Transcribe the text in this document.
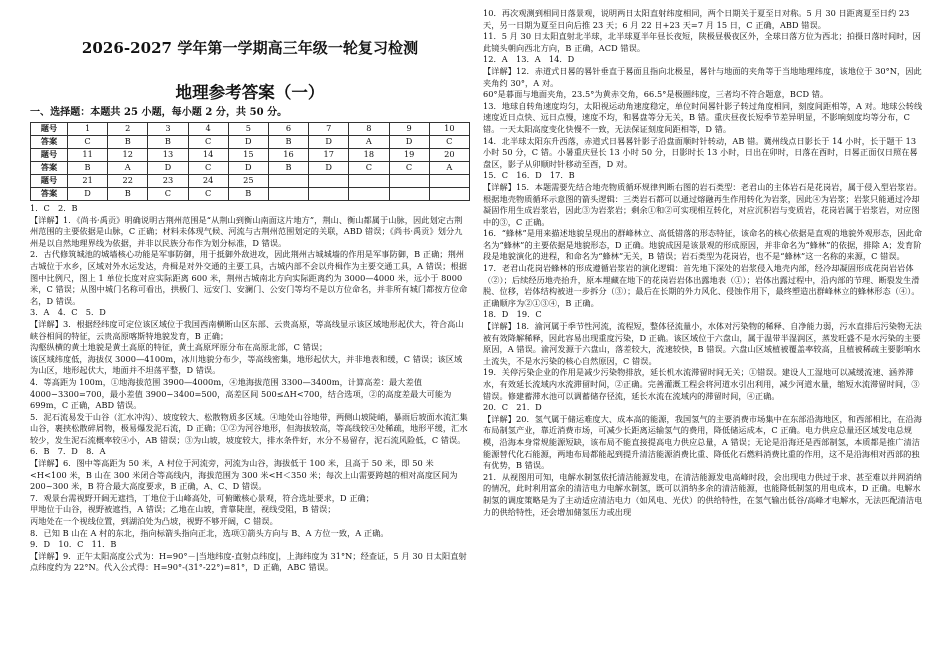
2026-2027 学年第一学期高三年级一轮复习检测
地理参考答案（一）
一、选择题：本题共 25 小题，每小题 2 分，共 50 分。
题号	1	2	3	4	5	6	7	8	9	10
答案	C	B	B	C	D	B	D	A	D	C
题号	11	12	13	14	15	16	17	18	19	20
答案	B	A	D	C	D	B	D	C	C	A
题号	21	22	23	24	25					
答案	D	B	C	C	B					

1．C　2．B

【详解】1．《尚书·禹贡》明确说明古荆州范围是“从荆山到衡山南面这片地方”，荆山、衡山都属于山脉，因此划定古荆州范围的主要依据是山脉，C 正确；材料未体现气候、河流与古荆州范围划定的关联，ABD 错误；《尚书·禹贡》划分九州是以自然地理界线为依据，并非以民族分布作为划分标准，D 错误。

2．古代修筑城池的城墙核心功能是军事防御，用于抵御外敌进攻，因此荆州古城城墙的作用是军事防御，B 正确；荆州古城位于水乡，区域对外水运发达，舟楫是对外交通的主要工具，古城内部不会以舟楫作为主要交通工具，A 错误；根据图中比例尺，图上 1 单位长度对应实际距离 600 米，荆州古城南北方向实际距离约为 3000—4000 米，远小于 8000 米，C 错误；从图中城门名称可看出，拱极门、远安门、安澜门、公安门等均不是以方位命名，并非所有城门都按方位命名，D 错误。

3．A　4．C　5．D

【详解】3．根据经纬度可定位该区域位于我国西南横断山区东部、云贵高原，等高线显示该区域地形起伏大，符合高山峡谷相间的特征，云贵高原喀斯特地貌发育，B 正确；

沟壑纵横的黄土地貌是黄土高原的特征，黄土高原坪原分布在高原北部，C 错误；

该区域纬度低，海拔仅 3000—4100m，冰川地貌分布少，等高线密集，地形起伏大，并非地表和缓，C 错误；该区域为山区，地形起伏大，地面并不坦荡平整，D 错误。

4．等高距为 100m，①地海拔范围 3900—4000m，④地海拔范围 3300—3400m，计算高差：最大差值 4000−3300=700，最小差值 3900−3400=500，高差区间 500≤ΔH<700，结合选项，②的高度差最大可能为 699m，C 正确，ABD 错误。

5．泥石流易发于山谷（汇水冲沟）、坡度较大、松散物质多区域。④地处山谷地带，两侧山坡陡峭，暴雨后坡面水流汇集山谷，裹挟松散碎屑物，极易爆发泥石流，D 正确；①②为河谷地形，但海拔较高，等高线较④处稀疏，地形平缓，汇水较少，发生泥石流概率较④小，AB 错误；③为山坡，坡度较大，排水条件好，水分不易留存，泥石流风险低，C 错误。

6．B　7．D　8．A

【详解】6．图中等高距为 50 米，A 村位于河流旁，河流为山谷，海拔低于 100 米，且高于 50 米，即 50 米<H<100 米，B 山在 300 米闭合等高线内，海拔范围为 300 米<H＜350 米；每次上山需要跨越的相对高度区间为 200~300 米，B 符合最大高度要求，B 正确，A、C、D 错误。

7．观景台需视野开阔无遮挡，丁地位于山峰高处，可俯瞰核心景观，符合选址要求，D 正确；

甲地位于山谷，视野被遮挡，A 错误；乙地在山坡，背靠陡崖，视线受阻，B 错误；

丙地处在一个视线位置，到湖泊处为凸坡，视野不够开阔，C 错误。

8．已知 B 山在 A 村的东北，指向标箭头指向正北，选项①箭头方向与 B、A 方位一致，A 正确。

9．D　10．C　11．B

【详解】9．正午太阳高度公式为：H=90°－|当地纬度-直射点纬度|，上海纬度为 31°N；经查证，5 月 30 日太阳直射点纬度约为 22°N。代入公式得：H=90°-(31°-22°)=81°，D 正确，ABC 错误。

10．再次观测到相同日落景观，说明两日太阳直射纬度相同，两个日期关于夏至日对称。5 月 30 日距离夏至日约 23 天，另一日期为夏至日向后推 23 天；6 月 22 日+23 天=7 月 15 日，C 正确，ABD 错误。

11．5 月 30 日太阳直射北半球，北半球夏半年昼长夜短，陕极昼极夜区外，全球日落方位为西北；拍摄日落时间时，因此镜头朝向西北方向，B 正确，ACD 错误。

12．A　13．A　14．D

【详解】12．赤道式日晷的晷针垂直于晷面且指向北极星，晷针与地面的夹角等于当地地理纬度，该地位于 30°N，因此夹角约 30°，A 对。

60°是暮面与地面夹角，23.5°为黄赤交角，66.5°是极圈纬度，三者均不符合题意，BCD 错。

13．地球自转角速度均匀，太阳视运动角速度稳定，单位时间晷针影子转过角度相同，刻度间距相等，A 对。地球公转线速度近日点快、远日点慢，速度不均，和晷盘等分无关，B 错。重庆昼夜长短季节差异明显，不影响刻度均等分布，C 错。一天太阳高度变化快慢不一致，无法保证刻度间距相等，D 错。

14．北半球太阳东升西落，赤道式日晷晷针影子沿盘面顺时针转动，AB 错。冀州线点日影长于 14 小时，长于题干 13 小时 50 分，C 错。小暑重庆昼长 13 小时 50 分，日影时长 13 小时，日出在卯时，日落在酉时，日晷正面仅日照在晷盘区，影子从卯顺时针移动至酉，D 对。

15．C　16．D　17．B

【详解】15．本题需要先结合地壳物质循环规律判断右图的岩石类型：老君山的主体岩石是花岗岩，属于侵入型岩浆岩。根据地壳物质循环示意图的箭头逻辑：三类岩石都可以通过熔融再生作用转化为岩浆，因此④为岩浆；岩浆只能通过冷却凝固作用生成岩浆岩，因此③为岩浆岩；剩余①和②可实现相互转化，对应沉积岩与变质岩，花岗岩属于岩浆岩，对应图中的③，C 正确。

16．“蜂林”是用来描述地貌呈现出的群峰林立、高低错落的形态特征，该命名的核心依据是直观的地貌外观形态，因此命名为“蜂林”的主要依据是地貌形态，D 正确。地貌成因是该景观的形成原因，并非命名为“蜂林”的依据，排除 A；发育阶段是地貌演化的进程，和命名为“蜂林”无关，B 错误；岩石类型为花岗岩，也不是“蜂林”这一名称的来源，C 错误。

17．老君山花岗岩蜂林的形成遵循岩浆岩的演化逻辑：首先地下深处的岩浆侵入地壳内部，经冷却凝固形成花岗岩岩体（②）；后续经历地壳抬升，原本埋藏在地下的花岗岩岩体出露地表（①）；岩体出露过程中，沿内部的节理、断裂发生滑脱、位移，岩体结构被进一步拆分（③）；最后在长期的外力风化、侵蚀作用下，最终塑造出群峰林立的蜂林形态（④）。正确顺序为②①③④，B 正确。

18．D　19．C

【详解】18．渝河属于季节性河流，流程短，整体径流量小，水体对污染物的稀释、自净能力弱，污水直排后污染物无法被有效降解稀释，因此容易出现重度污染，D 正确。该区域位于六盘山，属于温带半湿润区，蒸发旺盛不是水污染的主要原因，A 错误。渝河发源于六盘山，落差较大，流速较快，B 错误。六盘山区域植被覆盖率较高，且植被稀疏主要影响水土流失，不是水污染的核心自然原因，C 错误。

19．关停污染企业的作用是减少污染物排放，延长机水流滞留时间无关；①错误。建设人工湿地可以减缓流速、涵养滞水，有效延长流域内水流滞留时间，②正确。完善灌溉工程会将河道水引出利用，减少河道水量，缩短水流滞留时间，③错误。修建蓄滞水池可以调蓄储存径流，延长水流在流域内的滞留时间，④正确。

20．C　21．D

【详解】20．氢气属于储运难度大、成本高的能源，我国氢气的主要消费市场集中在东部沿海地区，和西部相比，在沿海布局制氢产业，靠近消费市场，可减少长距离运输氢气的费用，降低储运成本，C 正确。电力供应总量还区域发电总规模，沿海本身常规能源短缺，该布局不能直接提高电力供应总量，A 错误；无论是沿海还是西部制氢，本质都是推广清洁能源替代化石能源，两地布局都能起到提升清洁能源消费比重、降低化石燃料消费比重的作用，这不是沿海相对西部的独有优势，B 错误。

21．从视图用可知，电解水制氢依托清洁能源发电，在清洁能源发电高峰时段，会出现电力供过于求、甚至难以并网消纳的情况，此时利用富余的清洁电力电解水制氢，既可以消纳多余的清洁能源，也能降低制氢的用电成本，D 正确。电解水制氢的调度策略是为了主动适应清洁电力（如风电、光伏）的供给特性，在氢气输出低谷/高峰才电解水，无法匹配清洁电力的供给特性，还会增加储氢压力或出现
